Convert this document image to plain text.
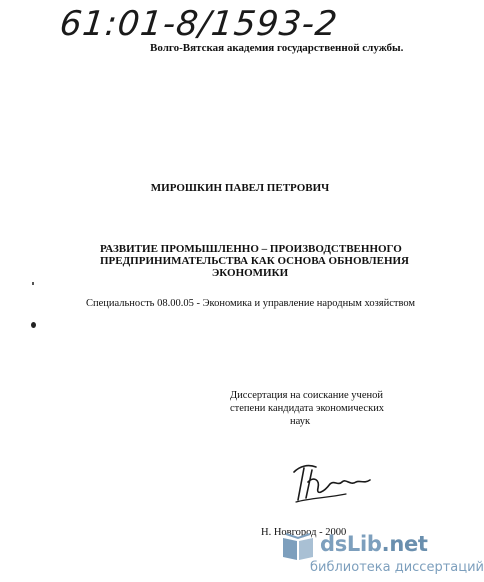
61:01-8/1593-2
Волго-Вятская академия государственной службы.
МИРОШКИН ПАВЕЛ ПЕТРОВИЧ
РАЗВИТИЕ ПРОМЫШЛЕННО – ПРОИЗВОДСТВЕННОГО
ПРЕДПРИНИМАТЕЛЬСТВА КАК ОСНОВА ОБНОВЛЕНИЯ
ЭКОНОМИКИ
Специальность 08.00.05 - Экономика и управление народным хозяйством
Диссертация на соискание ученой
степени кандидата экономических
наук
Н. Новгород - 2000
dsLib.net
библиотека диссертаций
